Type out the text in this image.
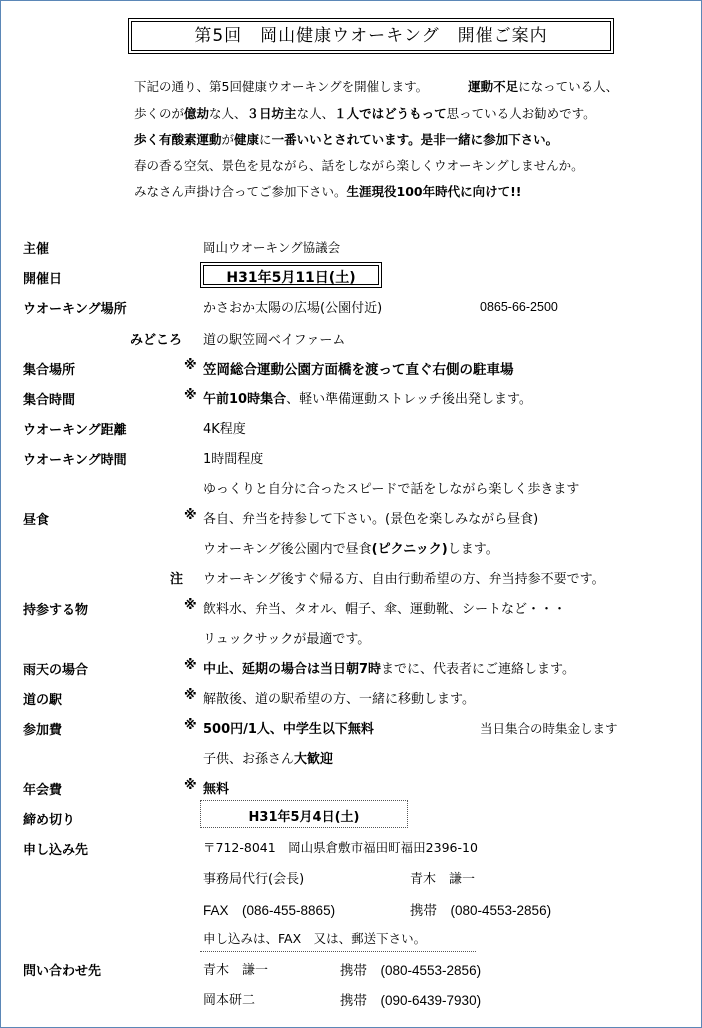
第5回　岡山健康ウオーキング　開催ご案内
下記の通り、第5回健康ウオーキングを開催します。	運動不足になっている人、
歩くのが億劫な人、３日坊主な人、１人ではどうもって思っている人お勧めです。
歩く有酸素運動が健康に一番いいとされています。是非一緒に参加下さい。
春の香る空気、景色を見ながら、話をしながら楽しくウオーキングしませんか。
みなさん声掛け合ってご参加下さい。生涯現役100年時代に向けて!!
主催	岡山ウオーキング協議会
開催日	H31年5月11日(土)
ウオーキング場所	かさおか太陽の広場(公園付近)	0865-66-2500
みどころ 道の駅笠岡ベイファーム
集合場所	※ 笠岡総合運動公園方面橋を渡って直ぐ右側の駐車場
集合時間	※ 午前10時集合、軽い準備運動ストレッチ後出発します。
ウオーキング距離	4K程度
ウオーキング時間	1時間程度
ゆっくりと自分に合ったスピードで話をしながら楽しく歩きます
昼食	※ 各自、弁当を持参して下さい。(景色を楽しみながら昼食)
ウオーキング後公園内で昼食(ピクニック)します。
注 ウオーキング後すぐ帰る方、自由行動希望の方、弁当持参不要です。
持参する物	※ 飲料水、弁当、タオル、帽子、傘、運動靴、シートなど・・・
リュックサックが最適です。
雨天の場合	※ 中止、延期の場合は当日朝7時までに、代表者にご連絡します。
道の駅	※ 解散後、道の駅希望の方、一緒に移動します。
参加費	※ 500円/1人、中学生以下無料	当日集合の時集金します
子供、お孫さん大歓迎
年会費	※ 無料
締め切り	H31年5月4日(土)
申し込み先	〒712-8041　岡山県倉敷市福田町福田2396-10
事務局代行(会長)	青木　謙一
FAX　(086-455-8865)	携帯　(080-4553-2856)
申し込みは、FAX　又は、郵送下さい。
問い合わせ先	青木　謙一	携帯　(080-4553-2856)
岡本研二	携帯　(090-6439-7930)
